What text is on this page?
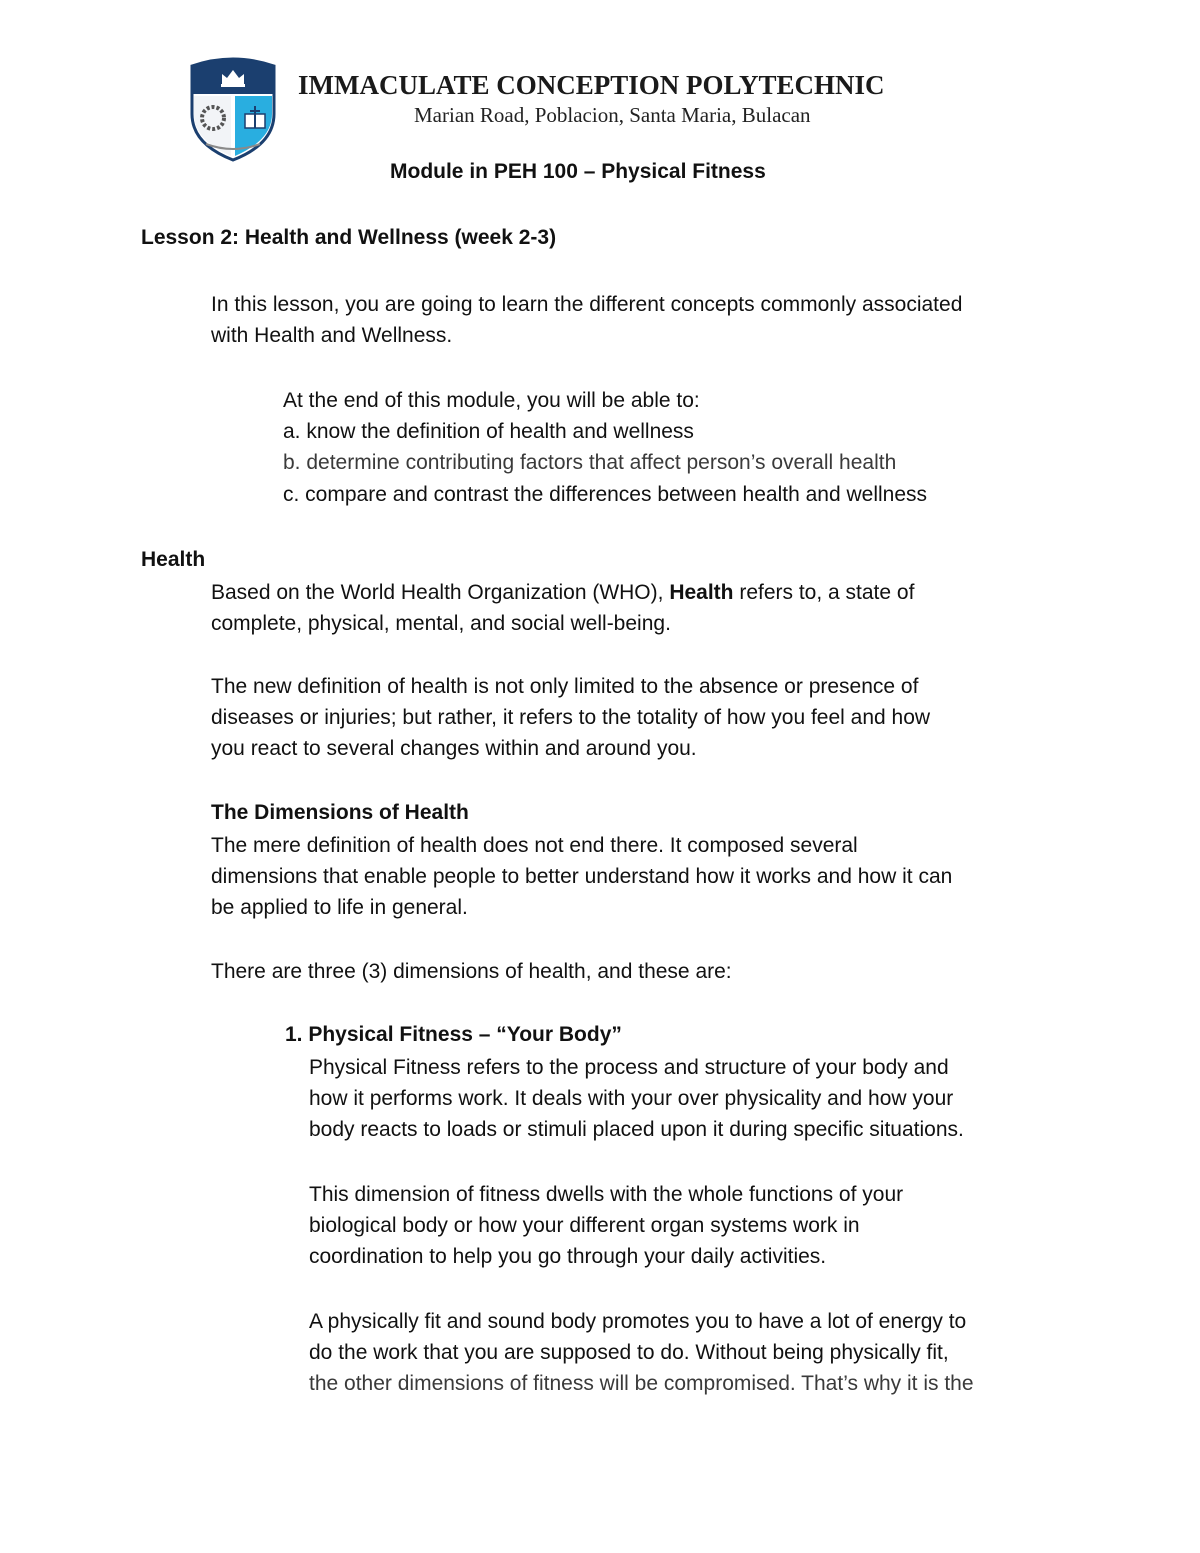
IMMACULATE CONCEPTION POLYTECHNIC
Marian Road, Poblacion, Santa Maria, Bulacan
Module in PEH 100 – Physical Fitness
Lesson 2: Health and Wellness (week 2-3)
In this lesson, you are going to learn the different concepts commonly associated
with Health and Wellness.
At the end of this module, you will be able to:
a. know the definition of health and wellness
b. determine contributing factors that affect person’s overall health
c. compare and contrast the differences between health and wellness
Health
Based on the World Health Organization (WHO), Health refers to, a state of
complete, physical, mental, and social well-being.
The new definition of health is not only limited to the absence or presence of
diseases or injuries; but rather, it refers to the totality of how you feel and how
you react to several changes within and around you.
The Dimensions of Health
The mere definition of health does not end there. It composed several
dimensions that enable people to better understand how it works and how it can
be applied to life in general.
There are three (3) dimensions of health, and these are:
1. Physical Fitness – “Your Body”
Physical Fitness refers to the process and structure of your body and
how it performs work. It deals with your over physicality and how your
body reacts to loads or stimuli placed upon it during specific situations.
This dimension of fitness dwells with the whole functions of your
biological body or how your different organ systems work in
coordination to help you go through your daily activities.
A physically fit and sound body promotes you to have a lot of energy to
do the work that you are supposed to do. Without being physically fit,
the other dimensions of fitness will be compromised. That’s why it is the
